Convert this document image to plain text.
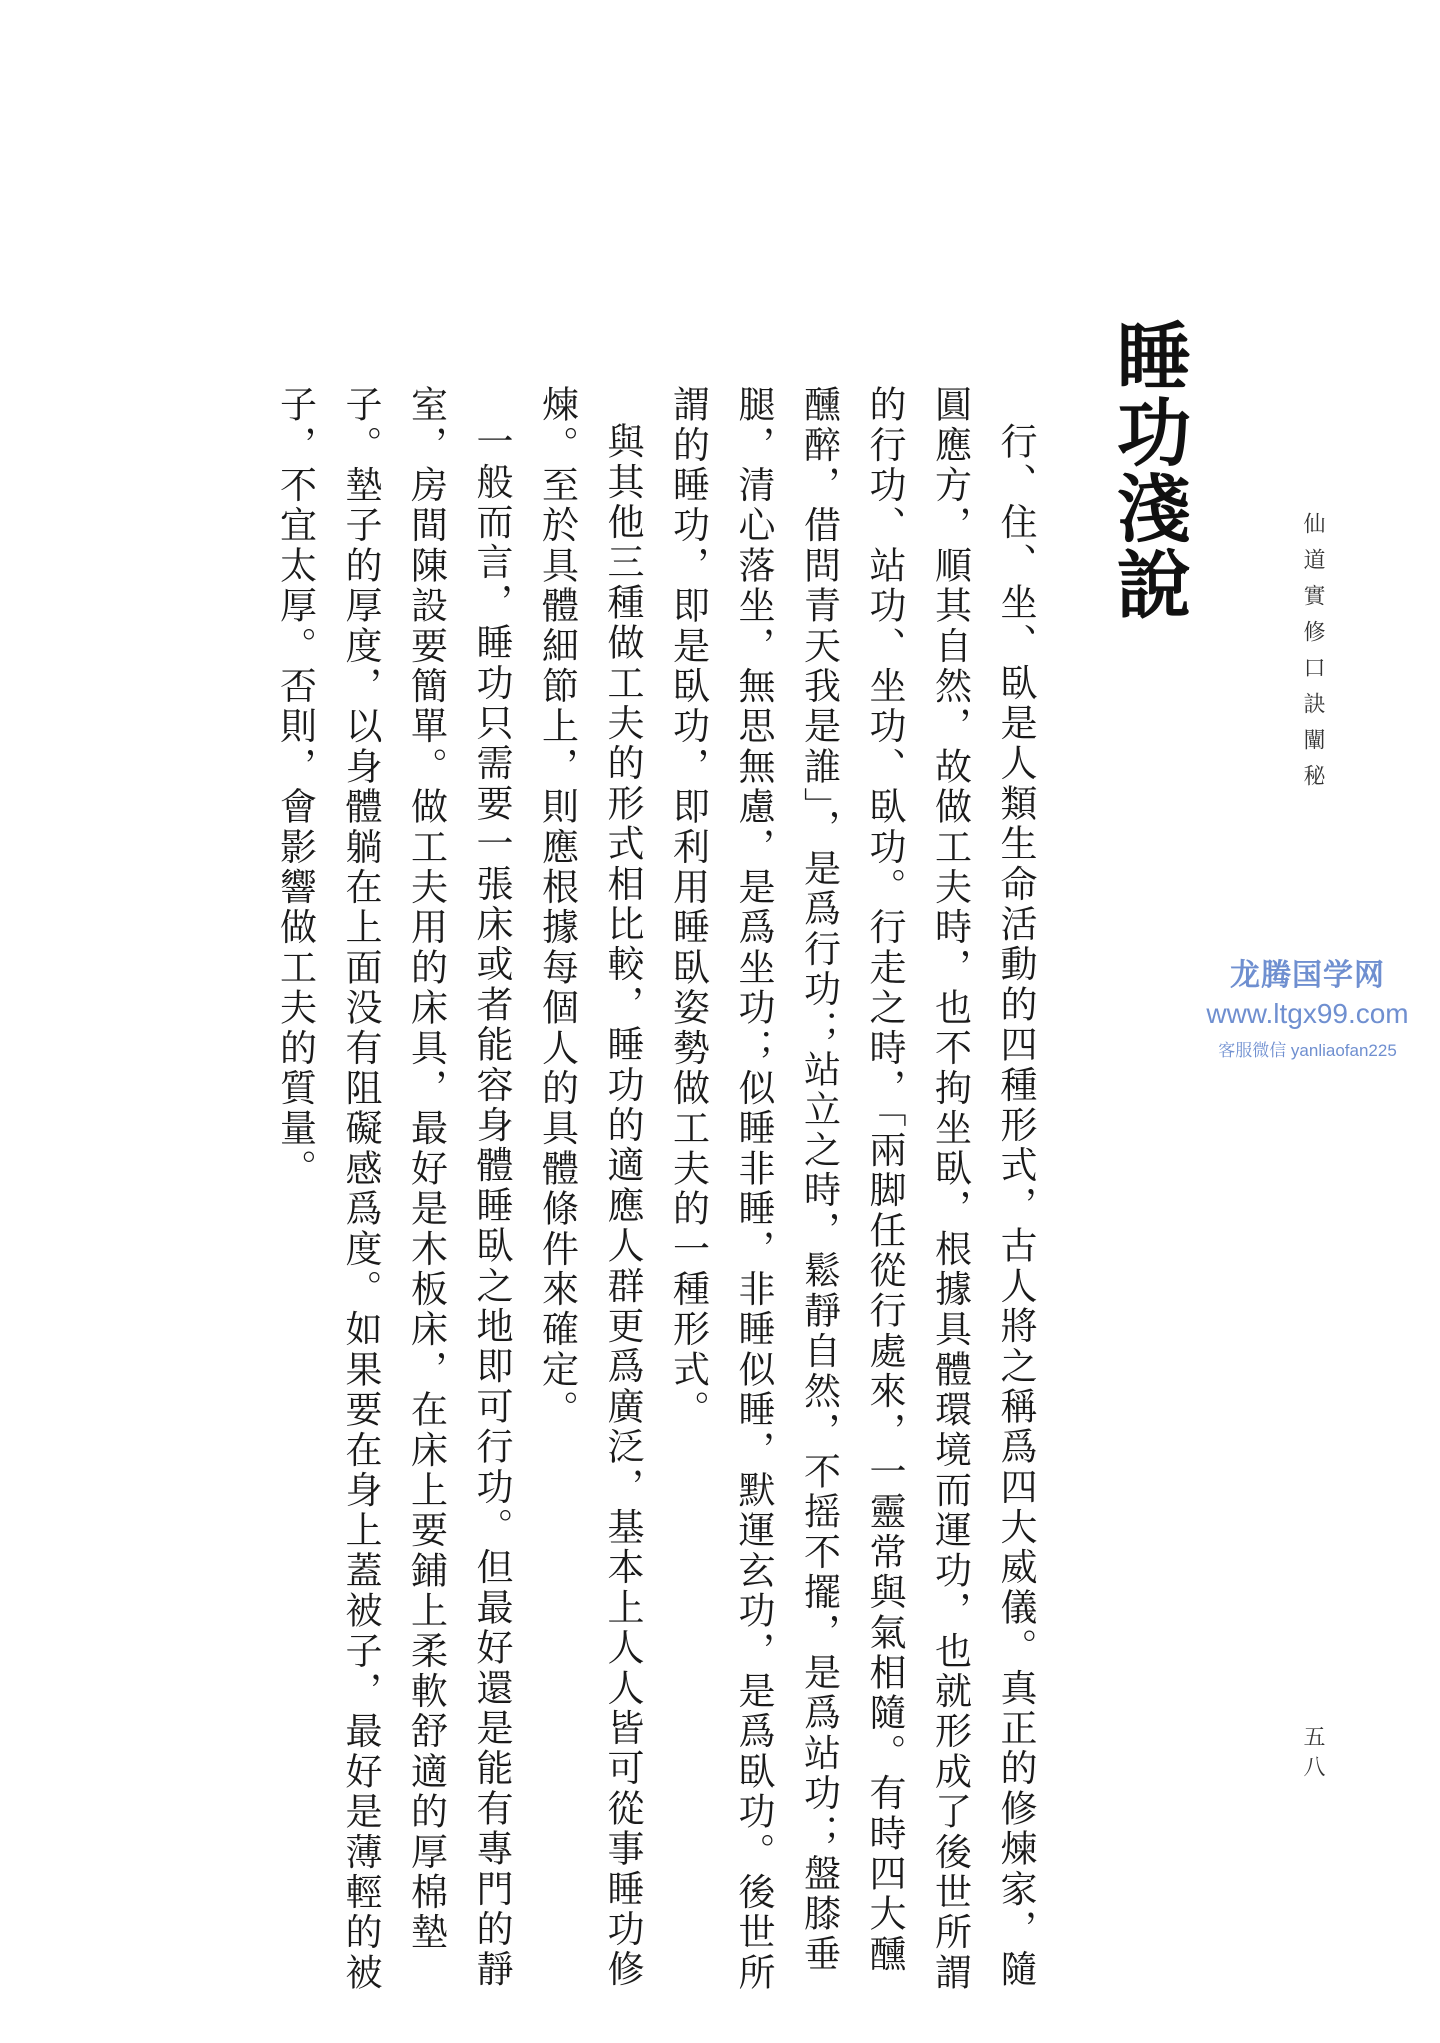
仙道實修口訣闡秘
睡功淺說

行、住、坐、臥是人類生命活動的四種形式，古人將之稱爲四大威儀。真正的修煉家，隨圓應方，順其自然，故做工夫時，也不拘坐臥，根據具體環境而運功，也就形成了後世所謂的行功、站功、坐功、臥功。行走之時，「兩脚任從行處來，一靈常與氣相隨。有時四大醺醺醉，借問青天我是誰」，是爲行功；站立之時，鬆靜自然，不摇不擺，是爲站功；盤膝垂腿，清心落坐，無思無慮，是爲坐功；似睡非睡，非睡似睡，默運玄功，是爲臥功。後世所謂的睡功，即是臥功，即利用睡臥姿勢做工夫的一種形式。

與其他三種做工夫的形式相比較，睡功的適應人群更爲廣泛，基本上人人皆可從事睡功修煉。至於具體細節上，則應根據每個人的具體條件來確定。

一般而言，睡功只需要一張床或者能容身體睡臥之地即可行功。但最好還是能有專門的靜室，房間陳設要簡單。做工夫用的床具，最好是木板床，在床上要鋪上柔軟舒適的厚棉墊子。墊子的厚度，以身體躺在上面没有阻礙感爲度。如果要在身上蓋被子，最好是薄輕的被子，不宜太厚。否則，會影響做工夫的質量。

五八
龙腾国学网
www.ltgx99.com
客服微信 yanliaofan225
